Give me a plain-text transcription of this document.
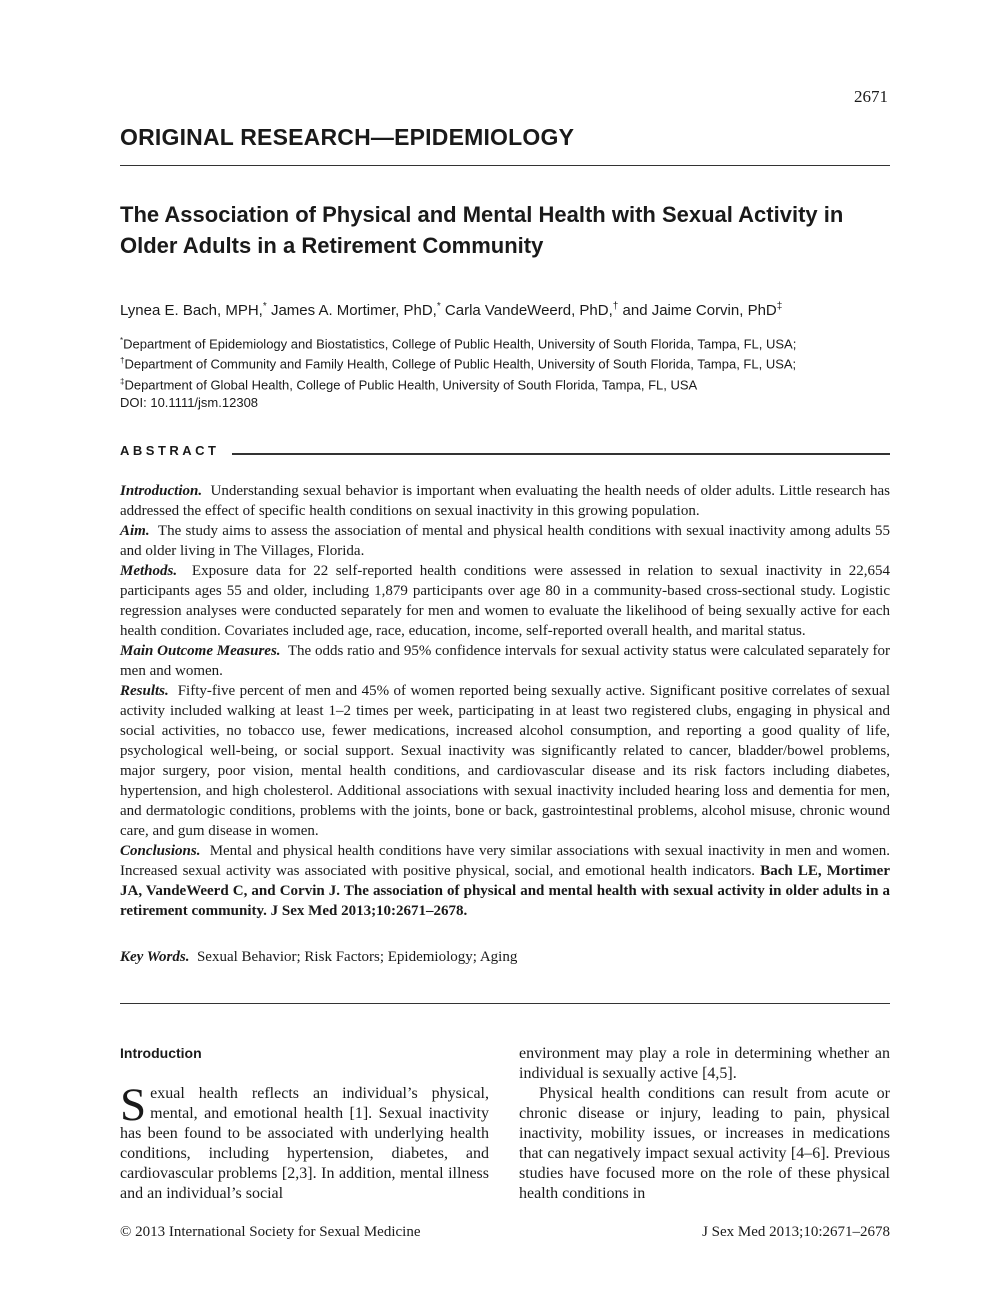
2671
ORIGINAL RESEARCH—EPIDEMIOLOGY
The Association of Physical and Mental Health with Sexual Activity in Older Adults in a Retirement Community
Lynea E. Bach, MPH,* James A. Mortimer, PhD,* Carla VandeWeerd, PhD,† and Jaime Corvin, PhD‡
*Department of Epidemiology and Biostatistics, College of Public Health, University of South Florida, Tampa, FL, USA;
†Department of Community and Family Health, College of Public Health, University of South Florida, Tampa, FL, USA;
‡Department of Global Health, College of Public Health, University of South Florida, Tampa, FL, USA
DOI: 10.1111/jsm.12308
ABSTRACT

Introduction. Understanding sexual behavior is important when evaluating the health needs of older adults. Little research has addressed the effect of specific health conditions on sexual inactivity in this growing population.

Aim. The study aims to assess the association of mental and physical health conditions with sexual inactivity among adults 55 and older living in The Villages, Florida.

Methods. Exposure data for 22 self-reported health conditions were assessed in relation to sexual inactivity in 22,654 participants ages 55 and older, including 1,879 participants over age 80 in a community-based cross-sectional study. Logistic regression analyses were conducted separately for men and women to evaluate the likelihood of being sexually active for each health condition. Covariates included age, race, education, income, self-reported overall health, and marital status.

Main Outcome Measures. The odds ratio and 95% confidence intervals for sexual activity status were calculated separately for men and women.

Results. Fifty-five percent of men and 45% of women reported being sexually active. Significant positive correlates of sexual activity included walking at least 1–2 times per week, participating in at least two registered clubs, engaging in physical and social activities, no tobacco use, fewer medications, increased alcohol consumption, and reporting a good quality of life, psychological well-being, or social support. Sexual inactivity was significantly related to cancer, bladder/bowel problems, major surgery, poor vision, mental health conditions, and cardiovascular disease and its risk factors including diabetes, hypertension, and high cholesterol. Additional associations with sexual inactivity included hearing loss and dementia for men, and dermatologic conditions, problems with the joints, bone or back, gastrointestinal problems, alcohol misuse, chronic wound care, and gum disease in women.

Conclusions. Mental and physical health conditions have very similar associations with sexual inactivity in men and women. Increased sexual activity was associated with positive physical, social, and emotional health indicators. Bach LE, Mortimer JA, VandeWeerd C, and Corvin J. The association of physical and mental health with sexual activity in older adults in a retirement community. J Sex Med 2013;10:2671–2678.

Key Words. Sexual Behavior; Risk Factors; Epidemiology; Aging
Introduction

Sexual health reflects an individual’s physical, mental, and emotional health [1]. Sexual inactivity has been found to be associated with underlying health conditions, including hypertension, diabetes, and cardiovascular problems [2,3]. In addition, mental illness and an individual’s social

environment may play a role in determining whether an individual is sexually active [4,5].

Physical health conditions can result from acute or chronic disease or injury, leading to pain, physical inactivity, mobility issues, or increases in medications that can negatively impact sexual activity [4–6]. Previous studies have focused more on the role of these physical health conditions in

© 2013 International Society for Sexual Medicine	J Sex Med 2013;10:2671–2678
